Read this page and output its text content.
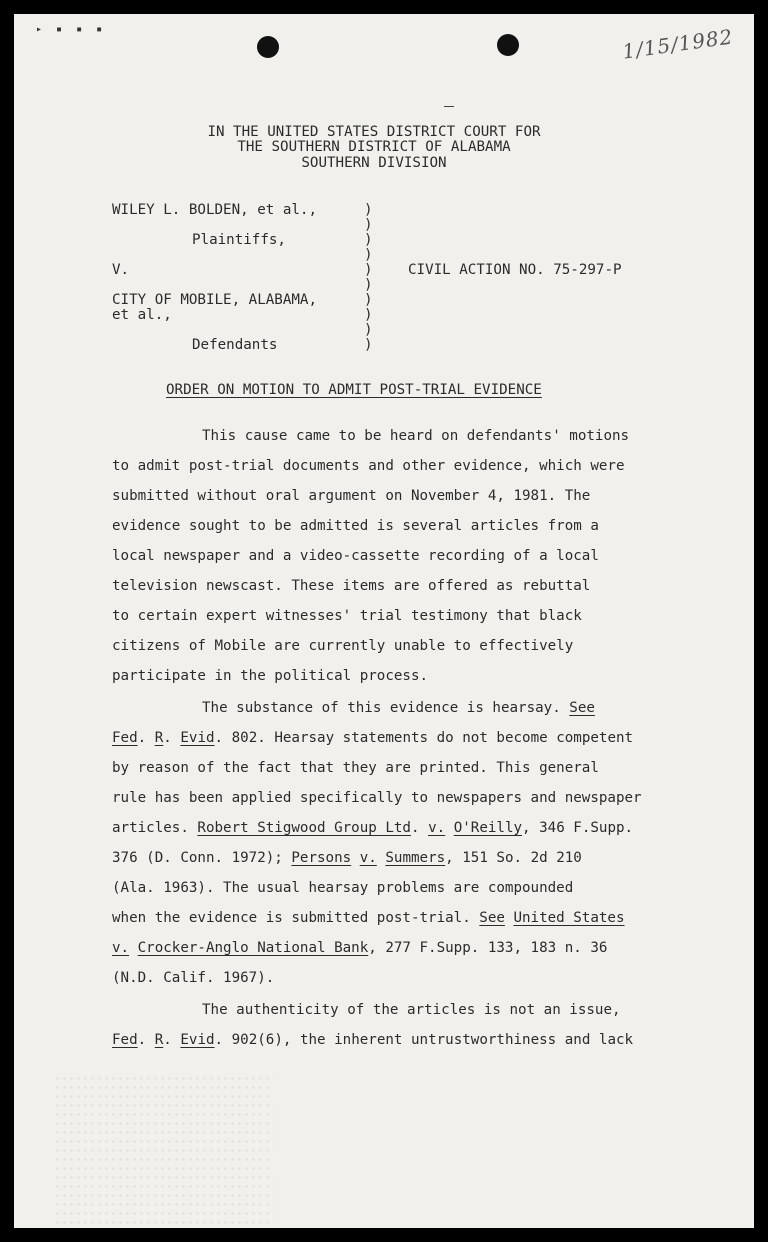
▸ ▪ ▪ ▪	1/15/1982
IN THE UNITED STATES DISTRICT COURT FOR
THE SOUTHERN DISTRICT OF ALABAMA
SOUTHERN DIVISION
WILEY L. BOLDEN, et al.,
Plaintiffs,
V.
CITY OF MOBILE, ALABAMA,
et al.,
Defendants
)
)
)
)
)
)
)
)
)
)
CIVIL ACTION NO. 75-297-P
ORDER ON MOTION TO ADMIT POST-TRIAL EVIDENCE
This cause came to be heard on defendants' motions
to admit post-trial documents and other evidence, which were
submitted without oral argument on November 4, 1981. The
evidence sought to be admitted is several articles from a
local newspaper and a video-cassette recording of a local
television newscast. These items are offered as rebuttal
to certain expert witnesses' trial testimony that black
citizens of Mobile are currently unable to effectively
participate in the political process.
The substance of this evidence is hearsay. See
Fed. R. Evid. 802. Hearsay statements do not become competent
by reason of the fact that they are printed. This general
rule has been applied specifically to newspapers and newspaper
articles. Robert Stigwood Group Ltd. v. O'Reilly, 346 F.Supp.
376 (D. Conn. 1972); Persons v. Summers, 151 So. 2d 210
(Ala. 1963). The usual hearsay problems are compounded
when the evidence is submitted post-trial. See United States
v. Crocker-Anglo National Bank, 277 F.Supp. 133, 183 n. 36
(N.D. Calif. 1967).
The authenticity of the articles is not an issue,
Fed. R. Evid. 902(6), the inherent untrustworthiness and lack
